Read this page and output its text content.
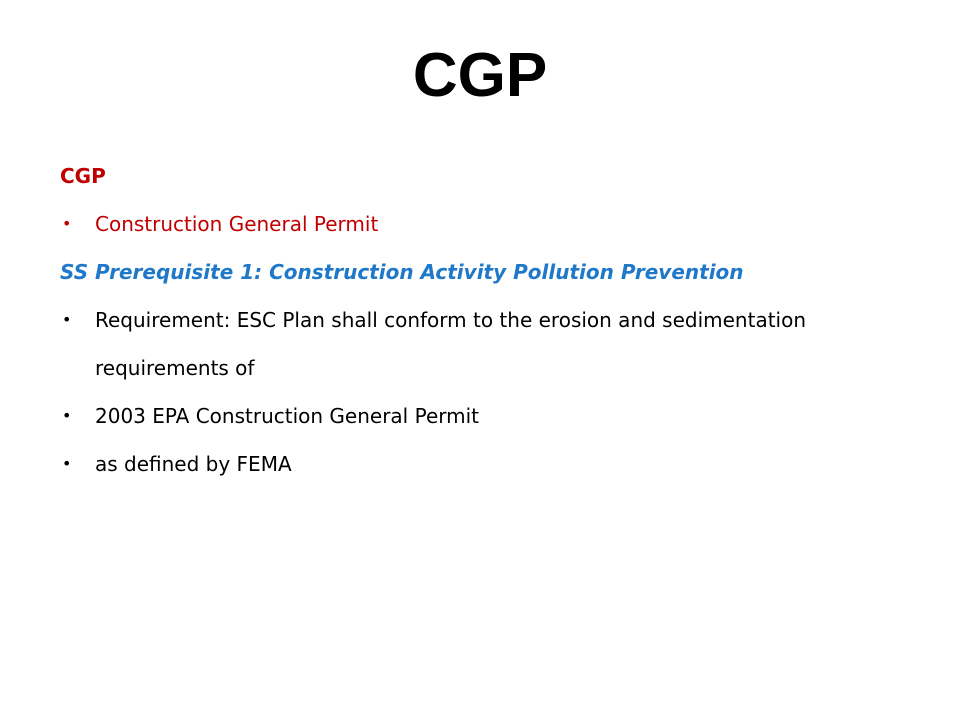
CGP

CGP

• Construction General Permit

SS Prerequisite 1: Construction Activity Pollution Prevention

• Requirement: ESC Plan shall conform to the erosion and sedimentation

requirements of

• 2003 EPA Construction General Permit

• as defined by FEMA
